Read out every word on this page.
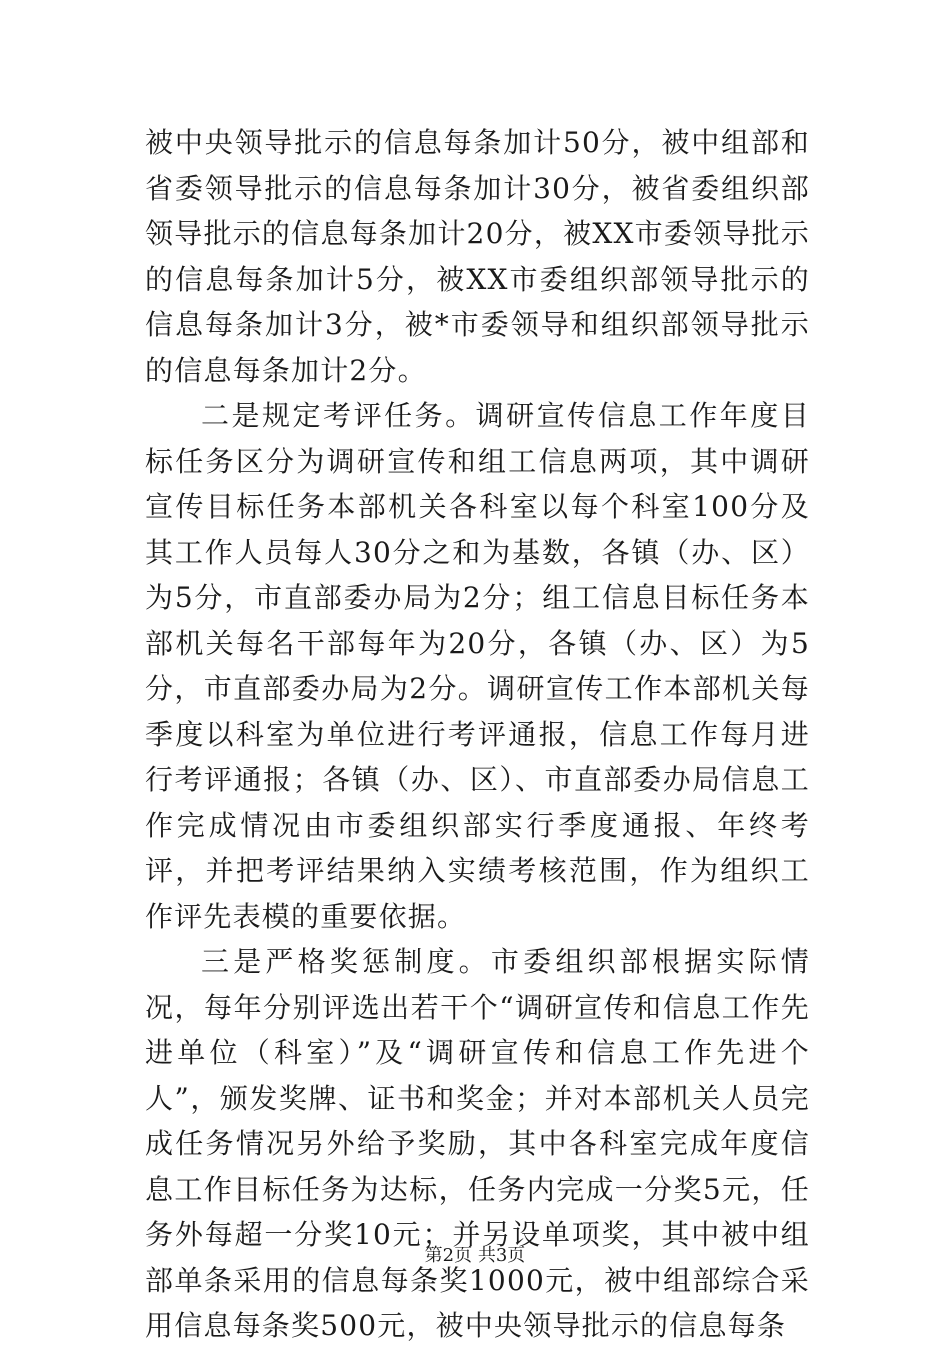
被中央领导批示的信息每条加计50分，被中组部和省委领导批示的信息每条加计30分，被省委组织部领导批示的信息每条加计20分，被XX市委领导批示的信息每条加计5分，被XX市委组织部领导批示的信息每条加计3分，被*市委领导和组织部领导批示的信息每条加计2分。

二是规定考评任务。调研宣传信息工作年度目标任务区分为调研宣传和组工信息两项，其中调研宣传目标任务本部机关各科室以每个科室100分及其工作人员每人30分之和为基数，各镇（办、区）为5分，市直部委办局为2分；组工信息目标任务本部机关每名干部每年为20分，各镇（办、区）为5分，市直部委办局为2分。调研宣传工作本部机关每季度以科室为单位进行考评通报，信息工作每月进行考评通报；各镇（办、区）、市直部委办局信息工作完成情况由市委组织部实行季度通报、年终考评，并把考评结果纳入实绩考核范围，作为组织工作评先表模的重要依据。

三是严格奖惩制度。市委组织部根据实际情况，每年分别评选出若干个“调研宣传和信息工作先进单位（科室）”及“调研宣传和信息工作先进个人”，颁发奖牌、证书和奖金；并对本部机关人员完成任务情况另外给予奖励，其中各科室完成年度信息工作目标任务为达标，任务内完成一分奖5元，任务外每超一分奖10元；并另设单项奖，其中被中组部单条采用的信息每条奖1000元，被中组部综合采用信息每条奖500元，被中央领导批示的信息每条

第2页 共3页
